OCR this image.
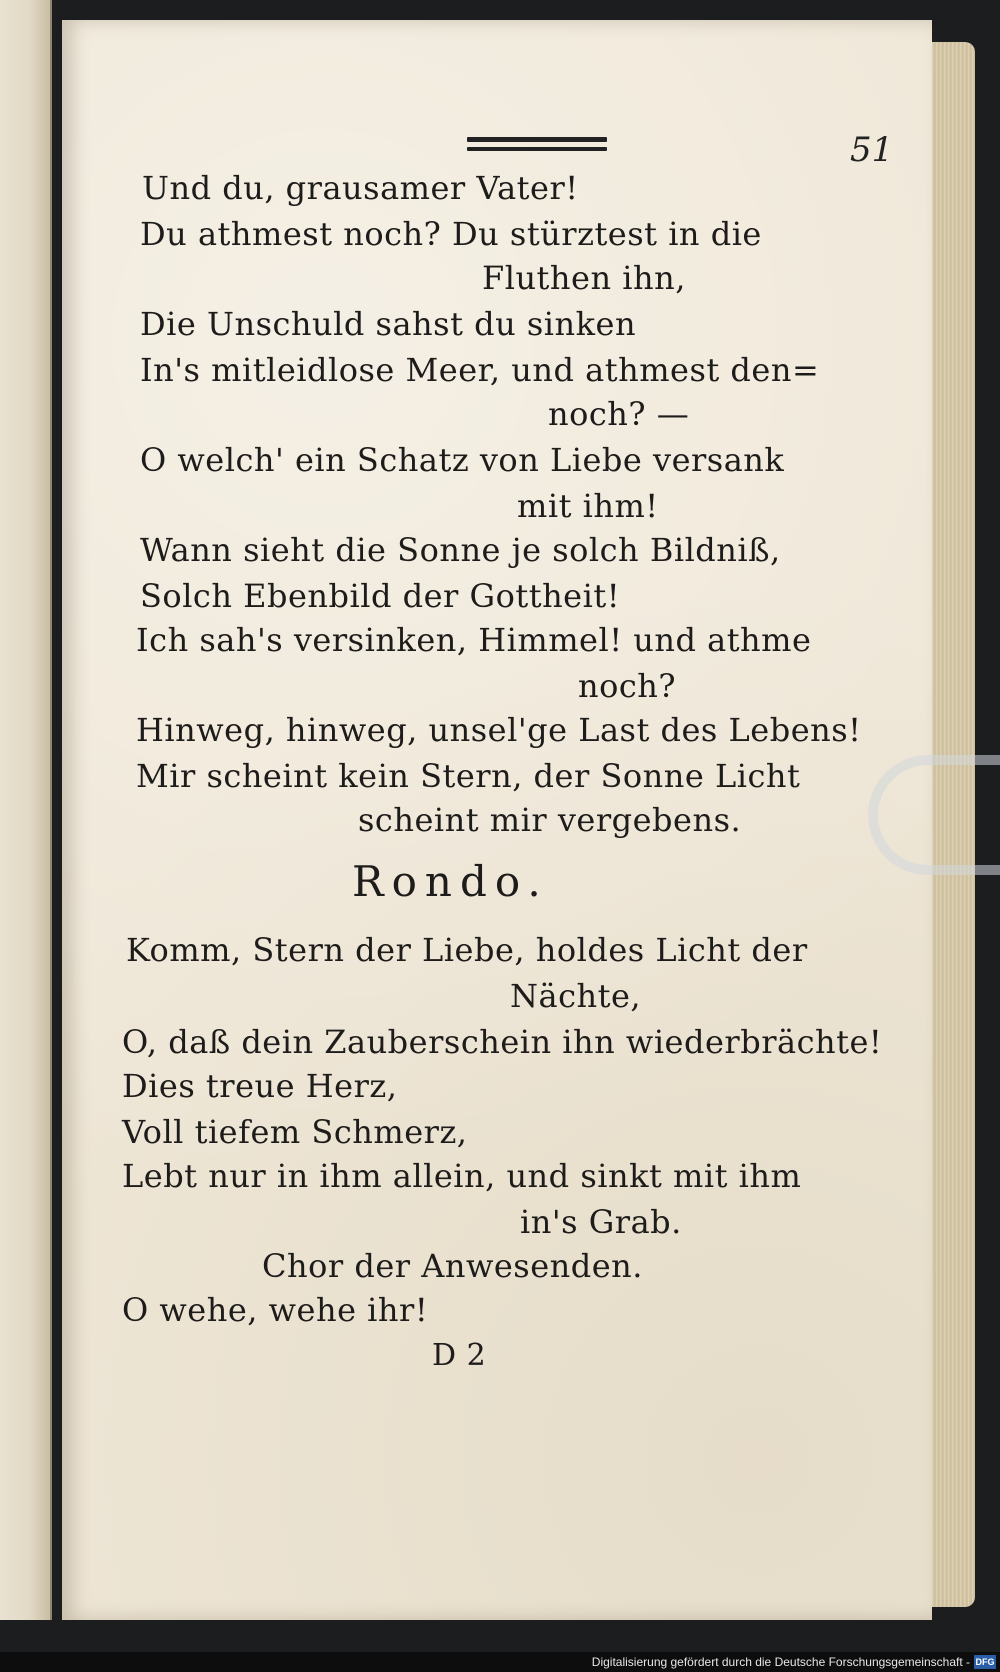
51
Und du, grausamer Vater!
Du athmest noch? Du stürztest in die
Fluthen ihn,
Die Unschuld sahst du sinken
In's mitleidlose Meer, und athmest den=
noch? —
O welch' ein Schatz von Liebe versank
mit ihm!
Wann sieht die Sonne je solch Bildniß,
Solch Ebenbild der Gottheit!
Ich sah's versinken, Himmel! und athme
noch?
Hinweg, hinweg, unsel'ge Last des Lebens!
Mir scheint kein Stern, der Sonne Licht
scheint mir vergebens.
Rondo.
Komm, Stern der Liebe, holdes Licht der
Nächte,
O, daß dein Zauberschein ihn wiederbrächte!
Dies treue Herz,
Voll tiefem Schmerz,
Lebt nur in ihm allein, und sinkt mit ihm
in's Grab.
Chor der Anwesenden.
O wehe, wehe ihr!
D 2
Digitalisierung gefördert durch die Deutsche Forschungsgemeinschaft - DFG
